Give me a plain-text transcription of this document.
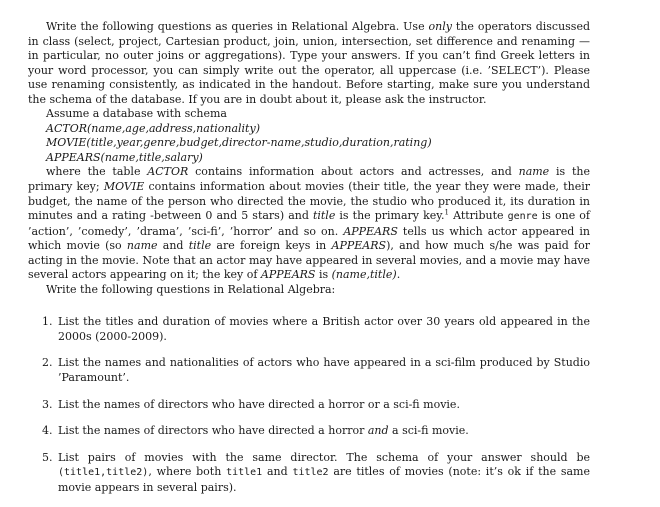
Write the following questions as queries in Relational Algebra. Use only the operators discussed in class (select, project, Cartesian product, join, union, intersection, set difference and renaming —in particular, no outer joins or aggregations). Type your answers. If you can’t find Greek letters in your word processor, you can simply write out the operator, all uppercase (i.e. ’SELECT’). Please use renaming consistently, as indicated in the handout. Before starting, make sure you understand the schema of the database. If you are in doubt about it, please ask the instructor.

Assume a database with schema

ACTOR(name,age,address,nationality)

MOVIE(title,year,genre,budget,director-name,studio,duration,rating)

APPEARS(name,title,salary)

where the table ACTOR contains information about actors and actresses, and name is the primary key; MOVIE contains information about movies (their title, the year they were made, their budget, the name of the person who directed the movie, the studio who produced it, its duration in minutes and a rating -between 0 and 5 stars) and title is the primary key.$^1$ Attribute genre is one of ’action’, ’comedy’, ’drama’, ’sci-fi’, ’horror’ and so on. APPEARS tells us which actor appeared in which movie (so name and title are foreign keys in APPEARS), and how much s/he was paid for acting in the movie. Note that an actor may have appeared in several movies, and a movie may have several actors appearing on it; the key of APPEARS is (name,title).

Write the following questions in Relational Algebra:

1. List the titles and duration of movies where a British actor over 30 years old appeared in the 2000s (2000-2009).
2. List the names and nationalities of actors who have appeared in a sci-film produced by Studio ’Paramount’.
3. List the names of directors who have directed a horror or a sci-fi movie.
4. List the names of directors who have directed a horror and a sci-fi movie.
5. List pairs of movies with the same director. The schema of your answer should be (title1,title2), where both title1 and title2 are titles of movies (note: it’s ok if the same movie appears in several pairs).
